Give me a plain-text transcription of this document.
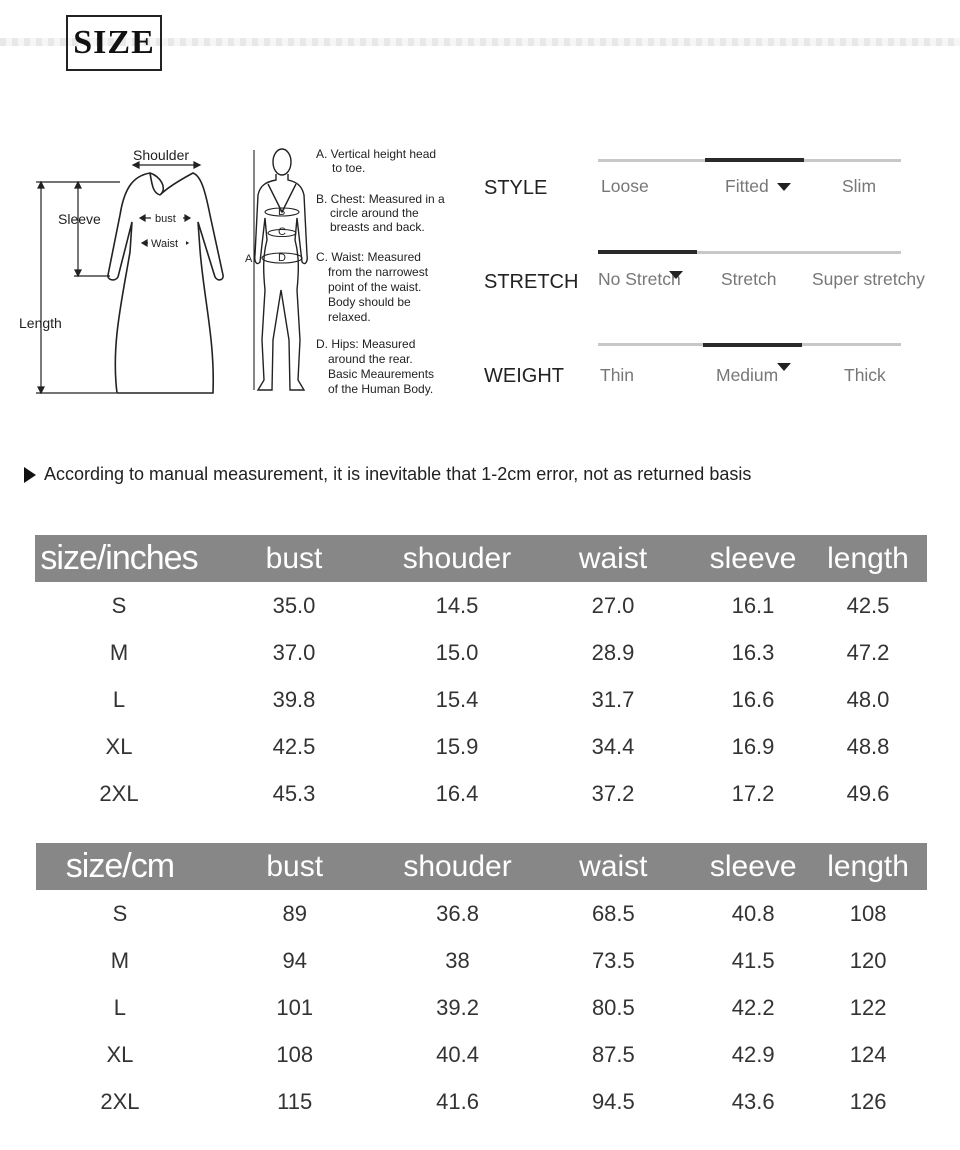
SIZE
Shoulder
Sleeve
Length
bust
Waist
A
B
C
D
A. Vertical height head to toe.
B. Chest: Measured in a circle around the breasts and back.
C. Waist: Measured from the narrowest point of the waist. Body should be relaxed.
D. Hips: Measured around the rear. Basic Meaurements of the Human Body.
STYLE	Loose	Fitted	Slim
STRETCH No Stretch Stretch Super stretchy
WEIGHT Thin	Medium	Thick
According to manual measurement, it is inevitable that 1-2cm error, not as returned basis
size/inches	bust	shouder	waist	sleeve	length
S	35.0	14.5	27.0	16.1	42.5
M	37.0	15.0	28.9	16.3	47.2
L	39.8	15.4	31.7	16.6	48.0
XL	42.5	15.9	34.4	16.9	48.8
2XL	45.3	16.4	37.2	17.2	49.6
size/cm	bust	shouder	waist	sleeve	length
S	89	36.8	68.5	40.8	108
M	94	38	73.5	41.5	120
L	101	39.2	80.5	42.2	122
XL	108	40.4	87.5	42.9	124
2XL	115	41.6	94.5	43.6	126
